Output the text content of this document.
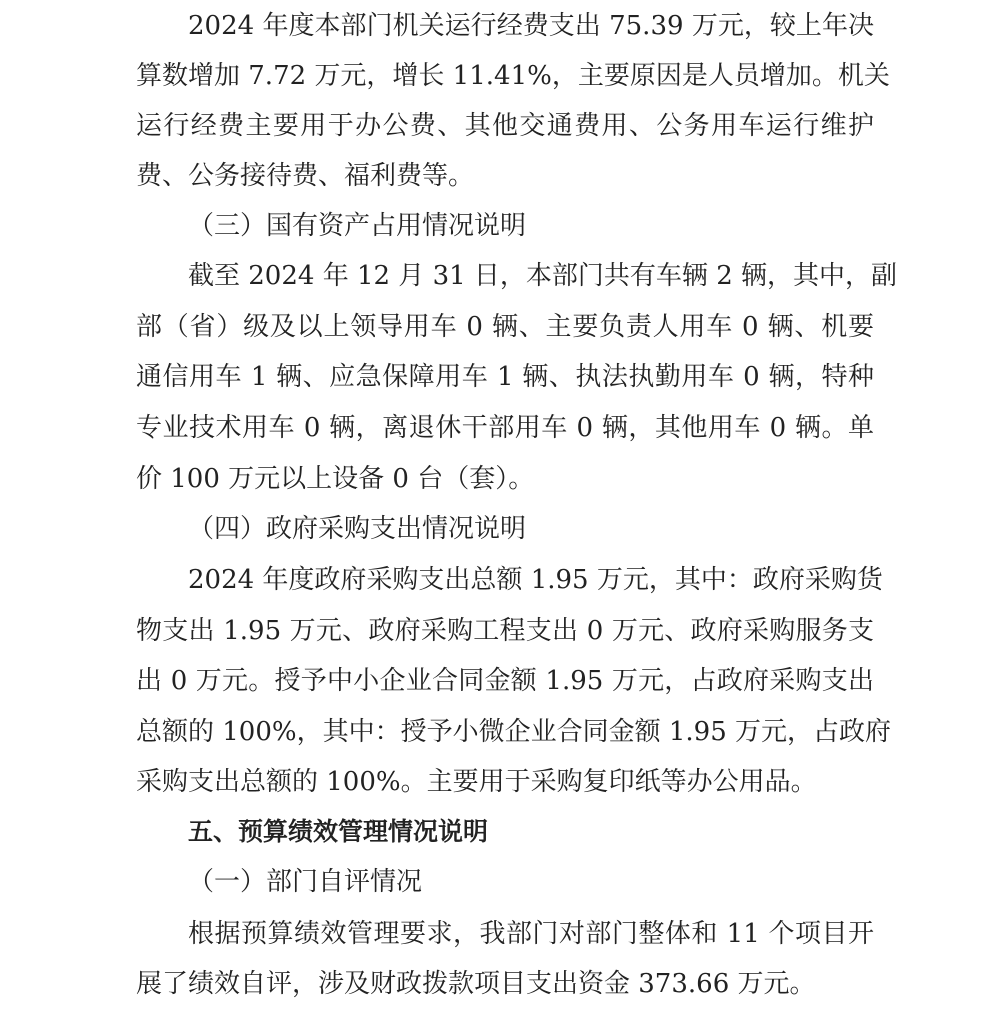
2024 年度本部门机关运行经费支出 75.39 万元，较上年决
算数增加 7.72 万元，增长 11.41%，主要原因是人员增加。机关
运行经费主要用于办公费、其他交通费用、公务用车运行维护
费、公务接待费、福利费等。
（三）国有资产占用情况说明
截至 2024 年 12 月 31 日，本部门共有车辆 2 辆，其中，副
部（省）级及以上领导用车 0 辆、主要负责人用车 0 辆、机要
通信用车 1 辆、应急保障用车 1 辆、执法执勤用车 0 辆，特种
专业技术用车 0 辆，离退休干部用车 0 辆，其他用车 0 辆。单
价 100 万元以上设备 0 台（套）。
（四）政府采购支出情况说明
2024 年度政府采购支出总额 1.95 万元，其中：政府采购货
物支出 1.95 万元、政府采购工程支出 0 万元、政府采购服务支
出 0 万元。授予中小企业合同金额 1.95 万元，占政府采购支出
总额的 100%，其中：授予小微企业合同金额 1.95 万元，占政府
采购支出总额的 100%。主要用于采购复印纸等办公用品。
五、预算绩效管理情况说明
（一）部门自评情况
根据预算绩效管理要求，我部门对部门整体和 11 个项目开
展了绩效自评，涉及财政拨款项目支出资金 373.66 万元。
